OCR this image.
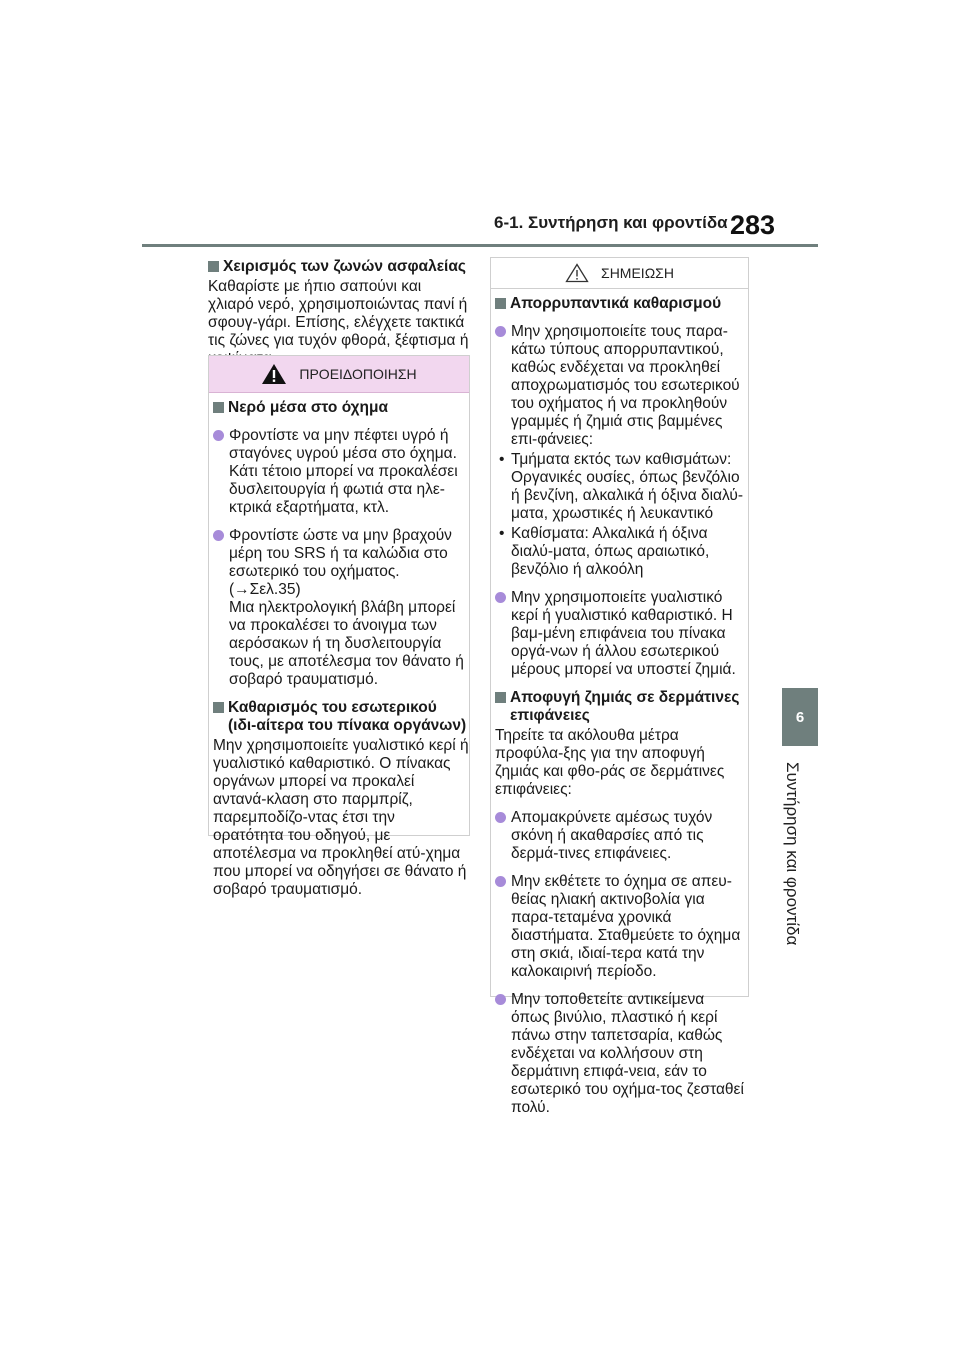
6-1. Συντήρηση και φροντίδα 283
6
Συντήρηση και φροντίδα
Χειρισμός των ζωνών ασφαλείας
Καθαρίστε με ήπιο σαπούνι και χλιαρό νερό, χρησιμοποιώντας πανί ή σφουγ-γάρι. Επίσης, ελέγχετε τακτικά τις ζώνες για τυχόν φθορά, ξέφτισμα ή
ΠΡΟΕΙΔΟΠΟΙΗΣΗ
Νερό μέσα στο όχημα
Φροντίστε να μην πέφτει υγρό ή σταγόνες υγρού μέσα στο όχημα. Κάτι τέτοιο μπορεί να προκαλέσει δυσλειτουργία ή φωτιά στα ηλε-κτρικά εξαρτήματα, κτλ.
Φροντίστε ώστε να μην βραχούν μέρη του SRS ή τα καλώδια στο εσωτερικό του οχήματος.
(→Σελ.35)
Μια ηλεκτρολογική βλάβη μπορεί να προκαλέσει το άνοιγμα των αερόσακων ή τη δυσλειτουργία τους, με αποτέλεσμα τον θάνατο ή σοβαρό τραυματισμό.
Καθαρισμός του εσωτερικού (ιδι-αίτερα του πίνακα οργάνων)
Μην χρησιμοποιείτε γυαλιστικό κερί ή γυαλιστικό καθαριστικό. Ο πίνακας οργάνων μπορεί να προκαλεί αντανά-κλαση στο παρμπρίζ, παρεμποδίζο-ντας έτσι την ορατότητα του οδηγού, με αποτέλεσμα να προκληθεί ατύ-χημα που μπορεί να οδηγήσει σε θάνατο ή σοβαρό τραυματισμό.
ΣΗΜΕΙΩΣΗ
Απορρυπαντικά καθαρισμού
Μην χρησιμοποιείτε τους παρα-κάτω τύπους απορρυπαντικού, καθώς ενδέχεται να προκληθεί αποχρωματισμός του εσωτερικού του οχήματος ή να προκληθούν γραμμές ή ζημιά στις βαμμένες επι-φάνειες:
• Τμήματα εκτός των καθισμάτων: Οργανικές ουσίες, όπως βενζόλιο ή βενζίνη, αλκαλικά ή όξινα διαλύ-ματα, χρωστικές ή λευκαντικό
• Καθίσματα: Αλκαλικά ή όξινα διαλύ-ματα, όπως αραιωτικό, βενζόλιο ή αλκοόλη
Μην χρησιμοποιείτε γυαλιστικό κερί ή γυαλιστικό καθαριστικό. Η βαμ-μένη επιφάνεια του πίνακα οργά-νων ή άλλου εσωτερικού μέρους μπορεί να υποστεί ζημιά.
Αποφυγή ζημιάς σε δερμάτινες επιφάνειες
Τηρείτε τα ακόλουθα μέτρα προφύλα-ξης για την αποφυγή ζημιάς και φθο-ράς σε δερμάτινες επιφάνειες:
Απομακρύνετε αμέσως τυχόν σκόνη ή ακαθαρσίες από τις δερμά-τινες επιφάνειες.
Μην εκθέτετε το όχημα σε απευ-θείας ηλιακή ακτινοβολία για παρα-τεταμένα χρονικά διαστήματα. Σταθμεύετε το όχημα στη σκιά, ιδιαί-τερα κατά την καλοκαιρινή περίοδο.
Μην τοποθετείτε αντικείμενα όπως βινύλιο, πλαστικό ή κερί πάνω στην ταπετσαρία, καθώς ενδέχεται να κολλήσουν στη δερμάτινη επιφά-νεια, εάν το εσωτερικό του οχήμα-τος ζεσταθεί πολύ.
